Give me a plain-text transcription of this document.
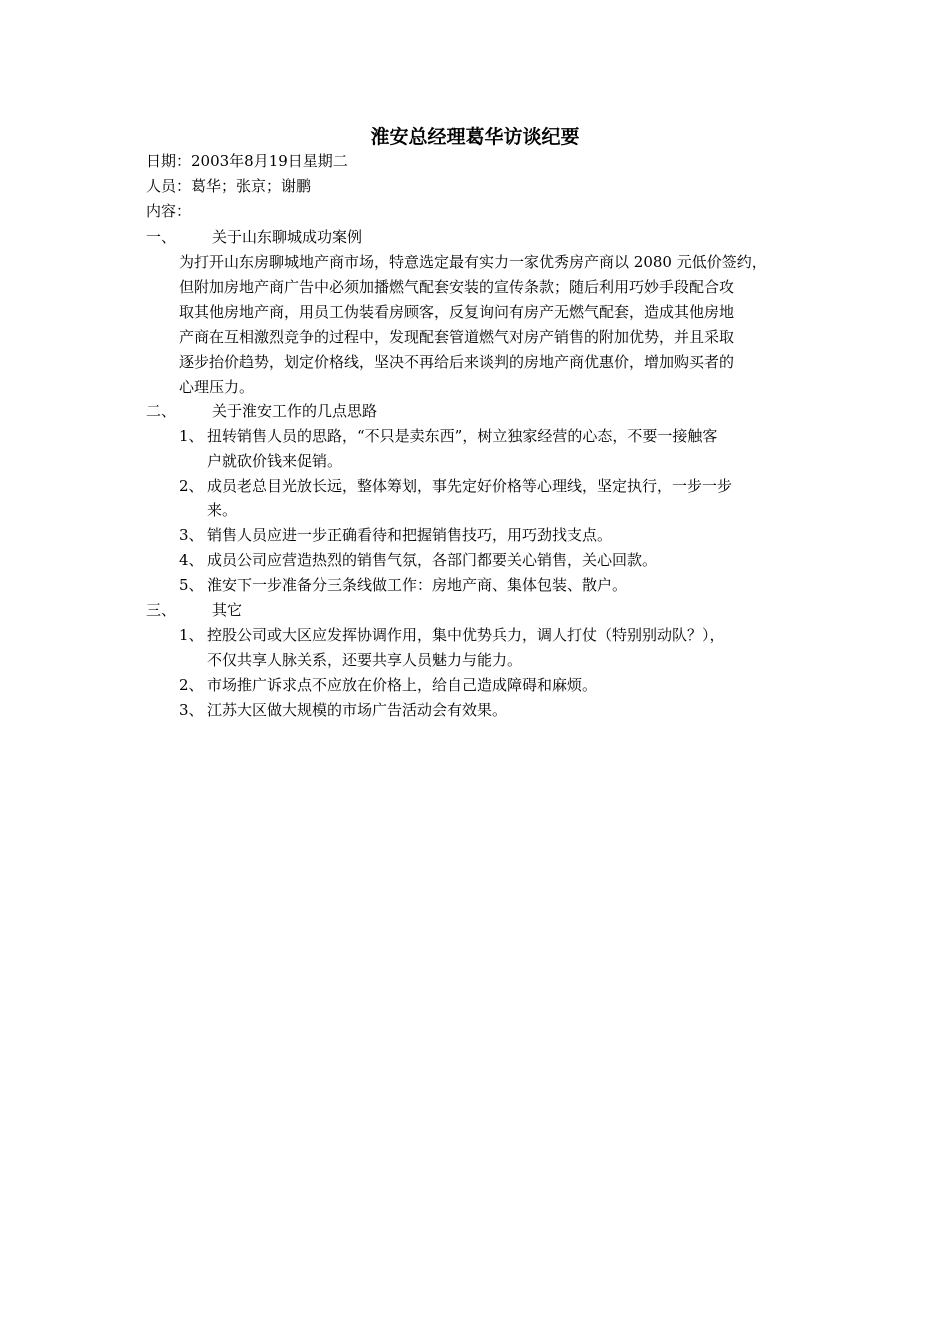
淮安总经理葛华访谈纪要
日期：2003年8月19日星期二
人员：葛华；张京；谢鹏
内容：
一、 关于山东聊城成功案例
为打开山东房聊城地产商市场，特意选定最有实力一家优秀房产商以 2080 元低价签约，
但附加房地产商广告中必须加播燃气配套安装的宣传条款；随后利用巧妙手段配合攻
取其他房地产商，用员工伪装看房顾客，反复询问有房产无燃气配套，造成其他房地
产商在互相激烈竞争的过程中，发现配套管道燃气对房产销售的附加优势，并且采取
逐步抬价趋势，划定价格线，坚决不再给后来谈判的房地产商优惠价，增加购买者的
心理压力。
二、 关于淮安工作的几点思路
1、 扭转销售人员的思路，“不只是卖东西”，树立独家经营的心态，不要一接触客
户就砍价钱来促销。
2、 成员老总目光放长远，整体筹划，事先定好价格等心理线，坚定执行，一步一步
来。
3、 销售人员应进一步正确看待和把握销售技巧，用巧劲找支点。
4、 成员公司应营造热烈的销售气氛，各部门都要关心销售，关心回款。
5、 淮安下一步准备分三条线做工作：房地产商、集体包装、散户。
三、 其它
1、 控股公司或大区应发挥协调作用，集中优势兵力，调人打仗（特别别动队？），
不仅共享人脉关系，还要共享人员魅力与能力。
2、 市场推广诉求点不应放在价格上，给自己造成障碍和麻烦。
3、 江苏大区做大规模的市场广告活动会有效果。
